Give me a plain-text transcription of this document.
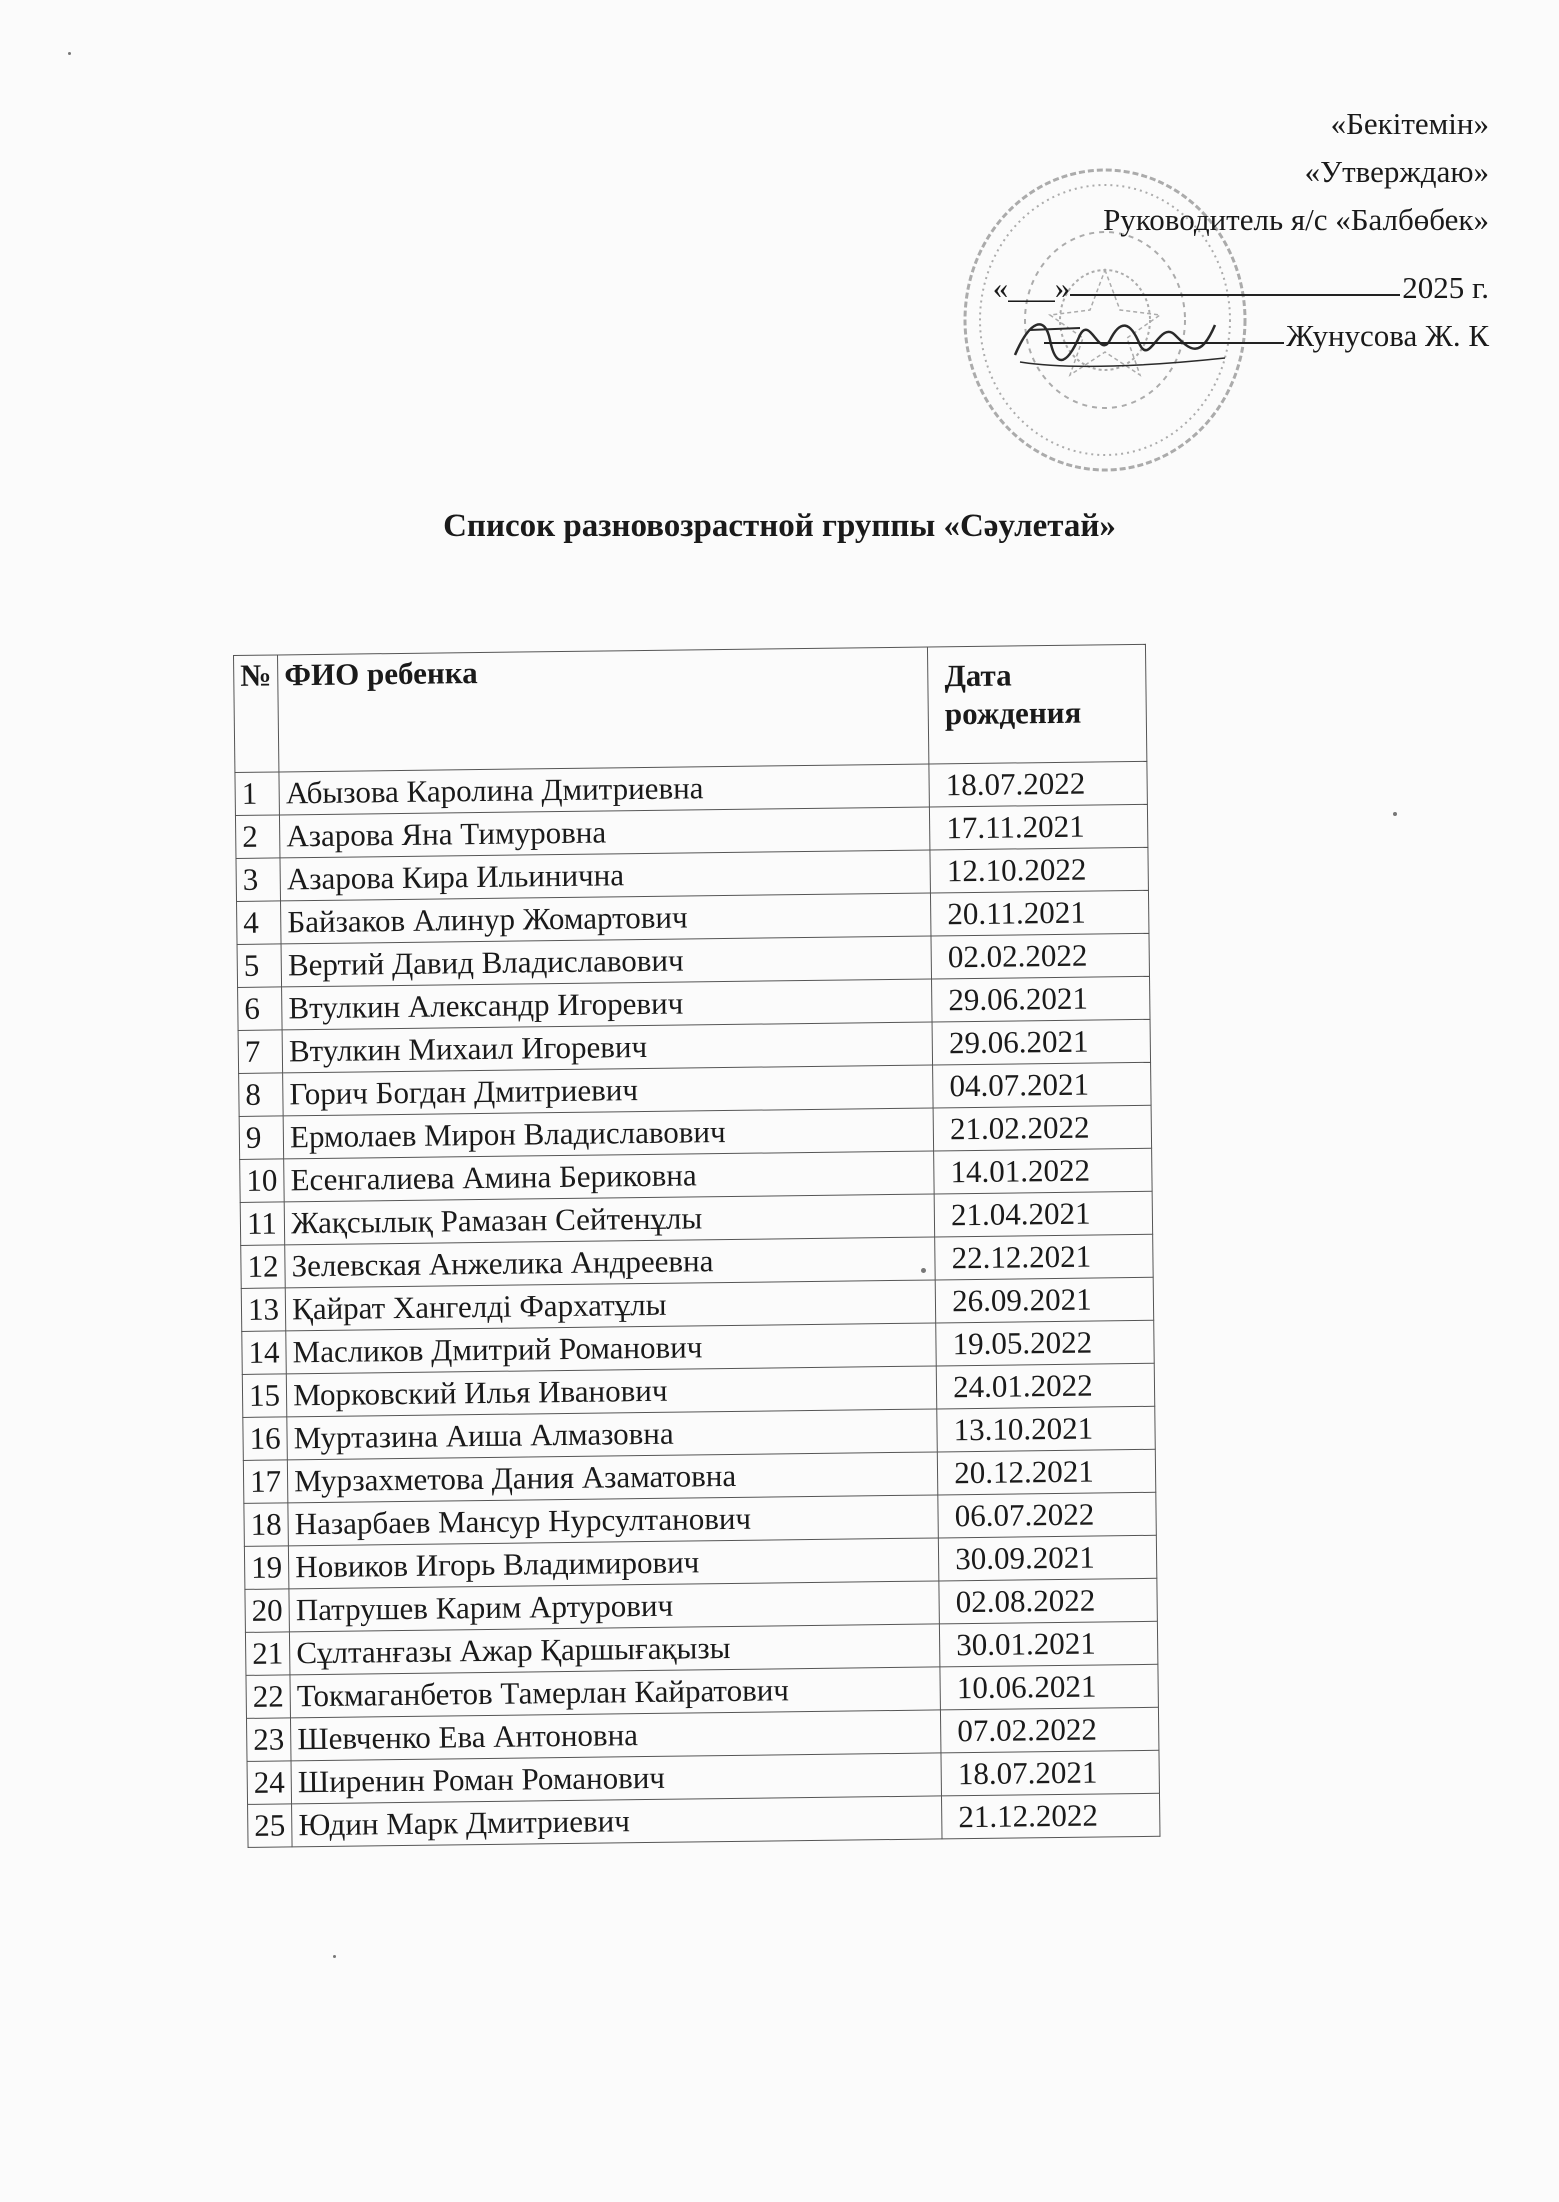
«Бекітемін»
«Утверждаю»
Руководитель я/с «Балбөбек»
«___»	2025 г.
Жунусова Ж. К
Список разновозрастной группы «Сәулетай»
№	ФИО ребенка	Дата
рождения
1	Абызова Каролина Дмитриевна	18.07.2022
2	Азарова Яна Тимуровна	17.11.2021
3	Азарова Кира Ильинична	12.10.2022
4	Байзаков Алинур Жомартович	20.11.2021
5	Вертий Давид Владиславович	02.02.2022
6	Втулкин Александр Игоревич	29.06.2021
7	Втулкин Михаил Игоревич	29.06.2021
8	Горич Богдан Дмитриевич	04.07.2021
9	Ермолаев Мирон Владиславович	21.02.2022
10	Есенгалиева Амина Бериковна	14.01.2022
11	Жақсылық Рамазан Сейтенұлы	21.04.2021
12	Зелевская Анжелика Андреевна	22.12.2021
13	Қайрат Хангелді Фархатұлы	26.09.2021
14	Масликов Дмитрий Романович	19.05.2022
15	Морковский Илья Иванович	24.01.2022
16	Муртазина Аиша Алмазовна	13.10.2021
17	Мурзахметова Дания Азаматовна	20.12.2021
18	Назарбаев Мансур Нурсултанович	06.07.2022
19	Новиков Игорь Владимирович	30.09.2021
20	Патрушев Карим Артурович	02.08.2022
21	Сұлтанғазы Ажар Қаршығақызы	30.01.2021
22	Токмаганбетов Тамерлан Кайратович	10.06.2021
23	Шевченко Ева Антоновна	07.02.2022
24	Ширенин Роман Романович	18.07.2021
25	Юдин Марк Дмитриевич	21.12.2022
